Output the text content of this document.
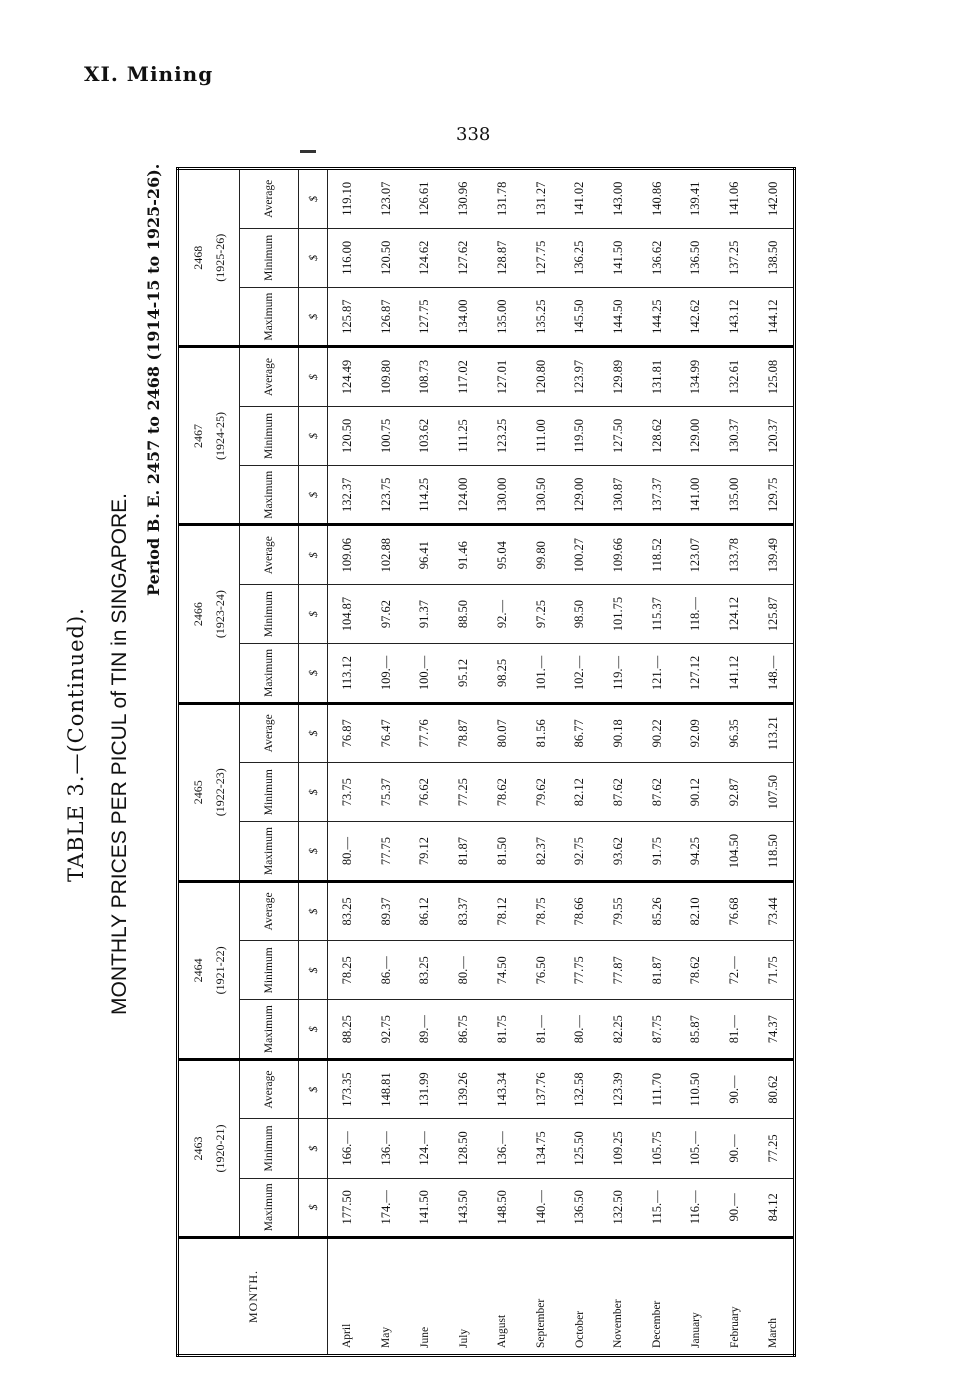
XI. Mining
338
TABLE 3.—(Continued). MONTHLY PRICES PER PICUL of TIN in SINGAPORE.
Period B. E. 2457 to 2468 (1914-15 to 1925-26).
MONTH.	2463 (1920-21)			2464 (1921-22)			2465 (1922-23)			2466 (1923-24)			2467 (1924-25)			2468 (1925-26)		
	Maximum	Minimum	Average	Maximum	Minimum	Average	Maximum	Minimum	Average	Maximum	Minimum	Average	Maximum	Minimum	Average	Maximum	Minimum	Average
	$	$	$	$	$	$	$	$	$	$	$	$	$	$	$	$	$	$
April	177.50	166.—	173.35	88.25	78.25	83.25	80.—	73.75	76.87	113.12	104.87	109.06	132.37	120.50	124.49	125.87	116.00	119.10
May	174.—	136.—	148.81	92.75	86.—	89.37	77.75	75.37	76.47	109.—	97.62	102.88	123.75	100.75	109.80	126.87	120.50	123.07
June	141.50	124.—	131.99	89.—	83.25	86.12	79.12	76.62	77.76	100.—	91.37	96.41	114.25	103.62	108.73	127.75	124.62	126.61
July	143.50	128.50	139.26	86.75	80.—	83.37	81.87	77.25	78.87	95.12	88.50	91.46	124.00	111.25	117.02	134.00	127.62	130.96
August	148.50	136.—	143.34	81.75	74.50	78.12	81.50	78.62	80.07	98.25	92.—	95.04	130.00	123.25	127.01	135.00	128.87	131.78
September	140.—	134.75	137.76	81.—	76.50	78.75	82.37	79.62	81.56	101.—	97.25	99.80	130.50	111.00	120.80	135.25	127.75	131.27
October	136.50	125.50	132.58	80.—	77.75	78.66	92.75	82.12	86.77	102.—	98.50	100.27	129.00	119.50	123.97	145.50	136.25	141.02
November	132.50	109.25	123.39	82.25	77.87	79.55	93.62	87.62	90.18	119.—	101.75	109.66	130.87	127.50	129.89	144.50	141.50	143.00
December	115.—	105.75	111.70	87.75	81.87	85.26	91.75	87.62	90.22	121.—	115.37	118.52	137.37	128.62	131.81	144.25	136.62	140.86
January	116.—	105.—	110.50	85.87	78.62	82.10	94.25	90.12	92.09	127.12	118.—	123.07	141.00	129.00	134.99	142.62	136.50	139.41
February	90.—	90.—	90.—	81.—	72.—	76.68	104.50	92.87	96.35	141.12	124.12	133.78	135.00	130.37	132.61	143.12	137.25	141.06
March	84.12	77.25	80.62	74.37	71.75	73.44	118.50	107.50	113.21	148.—	125.87	139.49	129.75	120.37	125.08	144.12	138.50	142.00
